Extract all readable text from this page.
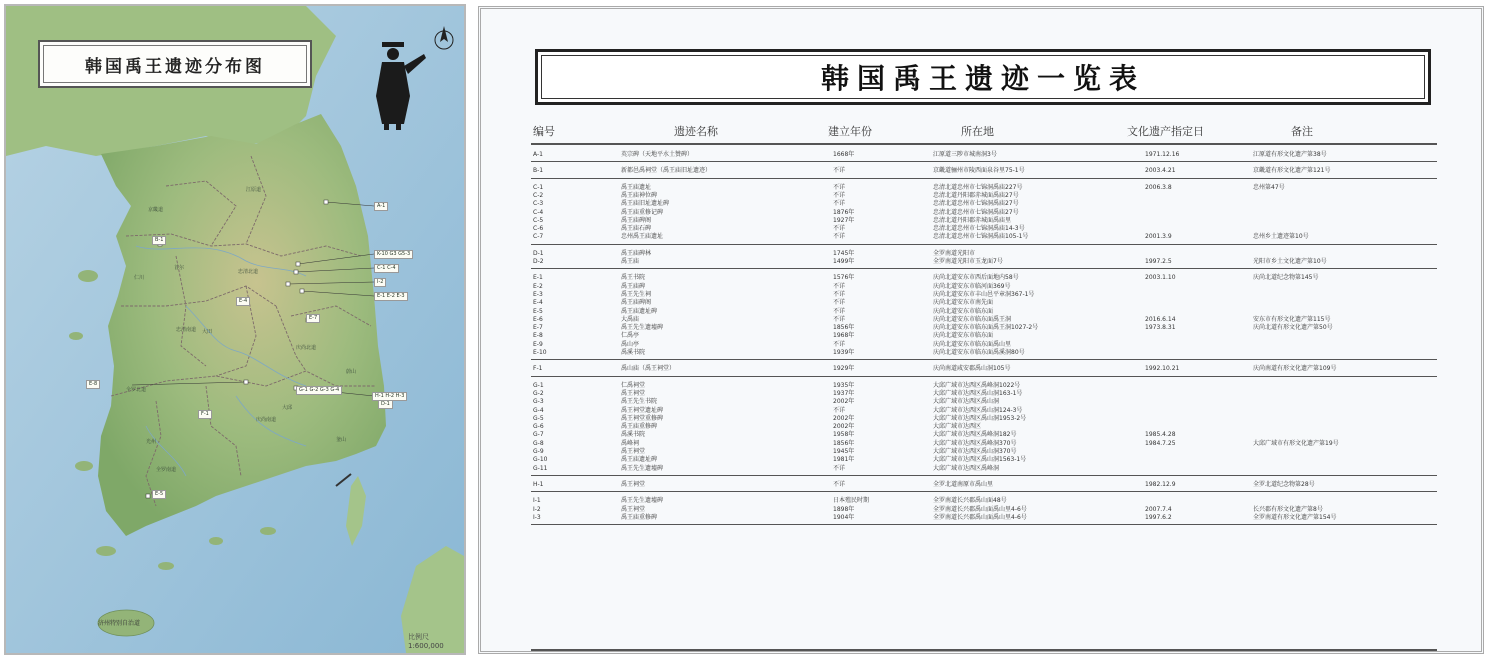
韩国禹王遗迹分布图
A-1
K-10 G3 G5-3
C-1 C-4
I-2
E-1 E-2 E-3
E-7
E-8
H-1 H-2 H-3
D-1
F-1
B-1
E-5
E-4
G-1 G-2 G-3 G-4
京畿道
江原道
忠清北道
忠清南道
庆尚北道
全罗北道
庆尚南道
全罗南道
首尔
仁川
大田
大邱
蔚山
釜山
光州
济州特别自治道
比例尺 1:600,000
韩国禹王遗迹一览表
编号	遗迹名称	建立年份	所在地	文化遗产指定日	备注
A-1	英宗碑（天地平水土赞碑）	1668年	江原道三陟市城南洞3号	1971.12.16	江原道有形文化遗产第38号
B-1	新都邑禹祠堂（禹王庙旧址遗迹）	不详	京畿道骊州市陵西面泉谷里75-1号	2003.4.21	京畿道有形文化遗产第121号
C-1	禹王庙遗址	不详	忠清北道忠州市七锦洞禹庙227号	2006.3.8	忠州第47号
C-2	禹王庙神位碑	不详	忠清北道丹阳郡赤城面禹庙27号
C-3	禹王庙旧址遗址碑	不详	忠清北道忠州市七锦洞禹庙27号
C-4	禹王庙重修记碑	1876年	忠清北道忠州市七锦洞禹庙27号
C-5	禹王庙碑阁	1927年	忠清北道丹阳郡赤城面禹庙里
C-6	禹王庙石碑	不详	忠清北道忠州市七锦洞禹庙14-3号
C-7	忠州禹王庙遗址	不详	忠清北道忠州市七锦洞禹庙105-1号	2001.3.9	忠州乡土遗迹第10号
D-1	禹王庙碑林	1745年	全罗南道光阳市
D-2	禹王庙	1499年	全罗南道光阳市玉龙面7号	1997.2.5	光阳市乡土文化遗产第10号
E-1	禹王书院	1576年	庆尚北道安东市西后面地内58号	2003.1.10	庆尚北道纪念物第145号
E-2	禹王庙碑	不详	庆尚北道安东市临河面369号
E-3	禹王先生祠	不详	庆尚北道安东市丰山邑平章洞367-1号
E-4	禹王庙碑阁	不详	庆尚北道安东市南先面
E-5	禹王庙遗址碑	不详	庆尚北道安东市临东面
E-6	大禹庙	不详	庆尚北道安东市临东面禹王洞	2016.6.14	安东市有形文化遗产第115号
E-7	禹王先生遗墟碑	1856年	庆尚北道安东市临东面禹王洞1027-2号	1973.8.31	庆尚北道有形文化遗产第50号
E-8	仁禹亭	1968年	庆尚北道安东市临东面
E-9	禹山亭	不详	庆尚北道安东市临东面禹山里
E-10	禹溪书院	1939年	庆尚北道安东市临东面禹溪洞80号
F-1	禹山庙（禹王祠堂）	1929年	庆尚南道咸安郡禹山洞105号	1992.10.21	庆尚南道有形文化遗产第109号
G-1	仁禹祠堂	1935年	大邱广域市达西区禹峰洞1022号
G-2	禹王祠堂	1937年	大邱广域市达西区禹山洞163-1号
G-3	禹王先生书院	2002年	大邱广域市达西区禹山洞
G-4	禹王祠堂遗址碑	不详	大邱广域市达西区禹山洞124-3号
G-5	禹王祠堂重修碑	2002年	大邱广域市达西区禹山洞1953-2号
G-6	禹王庙重修碑	2002年	大邱广域市达西区
G-7	禹溪书院	1958年	大邱广域市达西区禹峰洞182号	1985.4.28
G-8	禹峰祠	1856年	大邱广域市达西区禹峰洞370号	1984.7.25	大邱广域市有形文化遗产第19号
G-9	禹王祠堂	1945年	大邱广域市达西区禹山洞370号
G-10	禹王庙遗址碑	1981年	大邱广域市达西区禹山洞1563-1号
G-11	禹王先生遗墟碑	不详	大邱广域市达西区禹峰洞
H-1	禹王祠堂	不详	全罗北道南原市禹山里	1982.12.9	全罗北道纪念物第28号
I-1	禹王先生遗墟碑	日本殖民时期	全罗南道长兴郡禹山面48号
I-2	禹王祠堂	1898年	全罗南道长兴郡禹山面禹山里4-6号	2007.7.4	长兴郡有形文化遗产第8号
I-3	禹王庙重修碑	1904年	全罗南道长兴郡禹山面禹山里4-6号	1997.6.2	全罗南道有形文化遗产第154号
